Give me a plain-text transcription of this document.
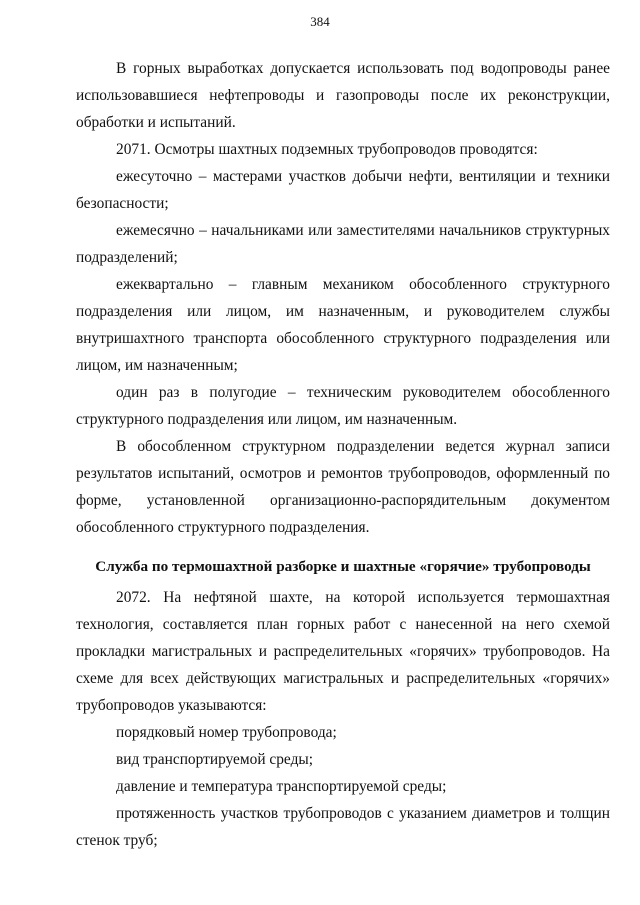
384

В горных выработках допускается использовать под водопроводы ранее использовавшиеся нефтепроводы и газопроводы после их реконструкции, обработки и испытаний.

2071. Осмотры шахтных подземных трубопроводов проводятся:

ежесуточно – мастерами участков добычи нефти, вентиляции и техники безопасности;

ежемесячно – начальниками или заместителями начальников структурных подразделений;

ежеквартально – главным механиком обособленного структурного подразделения или лицом, им назначенным, и руководителем службы внутришахтного транспорта обособленного структурного подразделения или лицом, им назначенным;

один раз в полугодие – техническим руководителем обособленного структурного подразделения или лицом, им назначенным.

В обособленном структурном подразделении ведется журнал записи результатов испытаний, осмотров и ремонтов трубопроводов, оформленный по форме, установленной организационно-распорядительным документом обособленного структурного подразделения.

Служба по термошахтной разборке и шахтные «горячие» трубопроводы

2072. На нефтяной шахте, на которой используется термошахтная технология, составляется план горных работ с нанесенной на него схемой прокладки магистральных и распределительных «горячих» трубопроводов. На схеме для всех действующих магистральных и распределительных «горячих» трубопроводов указываются:

порядковый номер трубопровода;

вид транспортируемой среды;

давление и температура транспортируемой среды;

протяженность участков трубопроводов с указанием диаметров и толщин стенок труб;
